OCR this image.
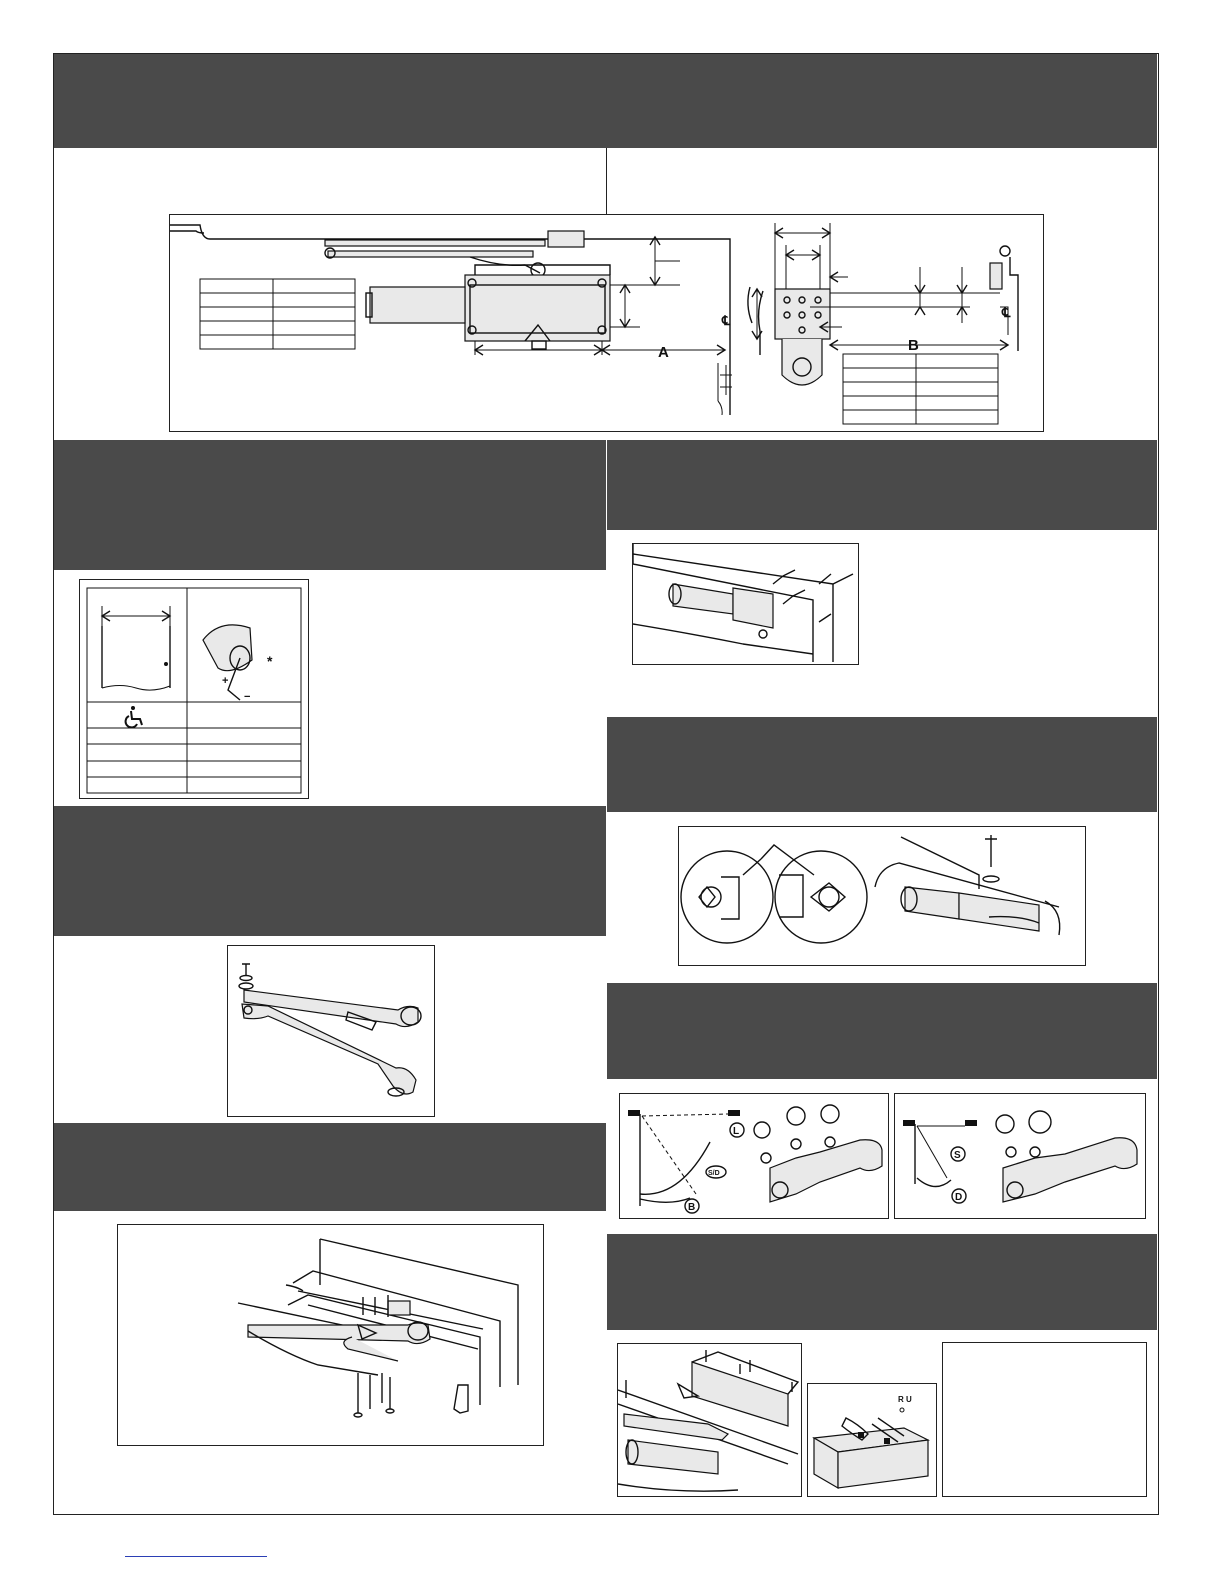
A
℄
℄
B
+
−
*
L
B
S/D
S
D
R U
